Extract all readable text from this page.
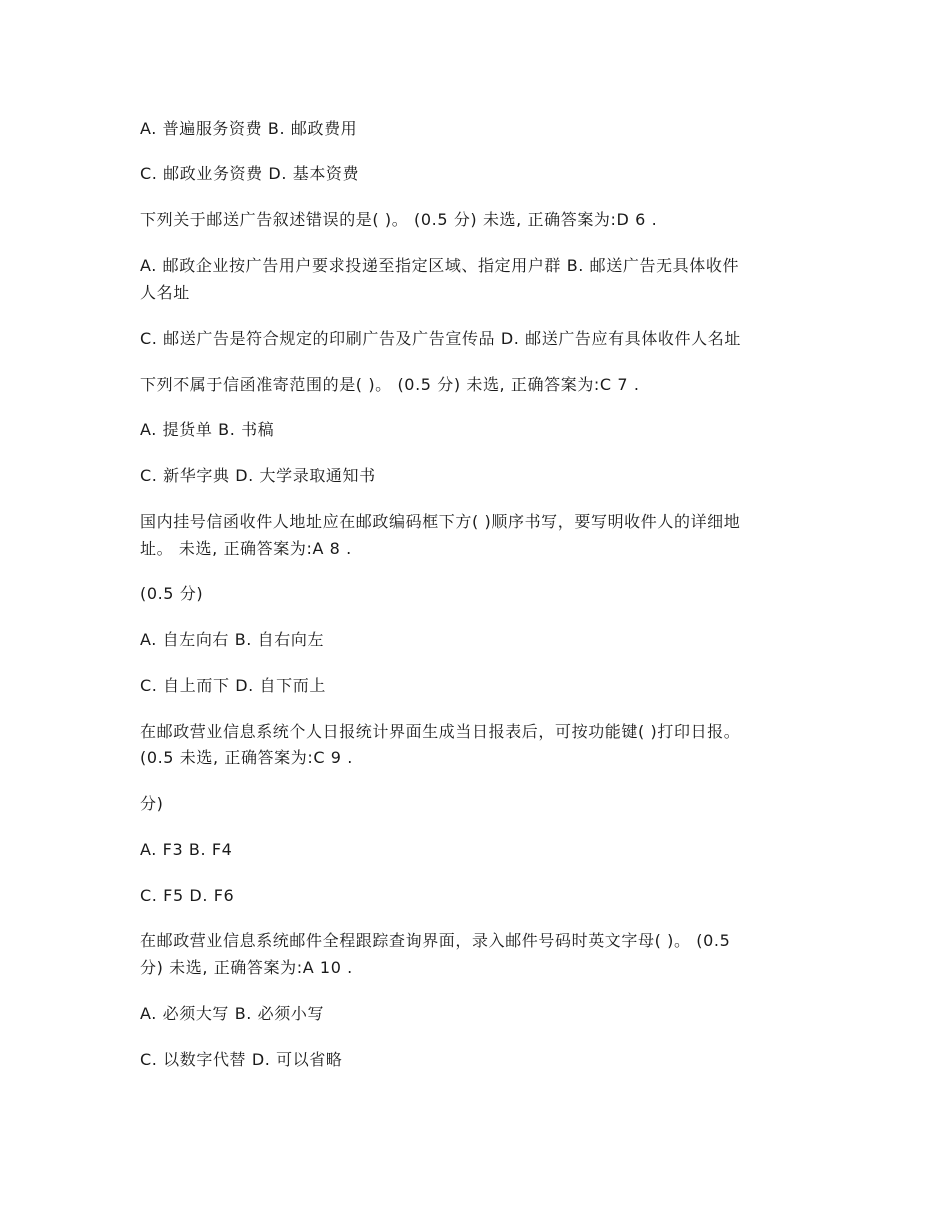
A. 普遍服务资费 B. 邮政费用
C. 邮政业务资费 D. 基本资费
下列关于邮送广告叙述错误的是( )。 (0.5 分) 未选, 正确答案为:D 6 .
A. 邮政企业按广告用户要求投递至指定区域、指定用户群 B. 邮送广告无具体收件
人名址
C. 邮送广告是符合规定的印刷广告及广告宣传品 D. 邮送广告应有具体收件人名址
下列不属于信函准寄范围的是( )。 (0.5 分) 未选, 正确答案为:C 7 .
A. 提货单 B. 书稿
C. 新华字典 D. 大学录取通知书
国内挂号信函收件人地址应在邮政编码框下方( )顺序书写，要写明收件人的详细地
址。 未选, 正确答案为:A 8 .
(0.5 分)
A. 自左向右 B. 自右向左
C. 自上而下 D. 自下而上
在邮政营业信息系统个人日报统计界面生成当日报表后，可按功能键( )打印日报。
(0.5 未选, 正确答案为:C 9 .
分)
A. F3 B. F4
C. F5 D. F6
在邮政营业信息系统邮件全程跟踪查询界面，录入邮件号码时英文字母( )。 (0.5
分) 未选, 正确答案为:A 10 .
A. 必须大写 B. 必须小写
C. 以数字代替 D. 可以省略
